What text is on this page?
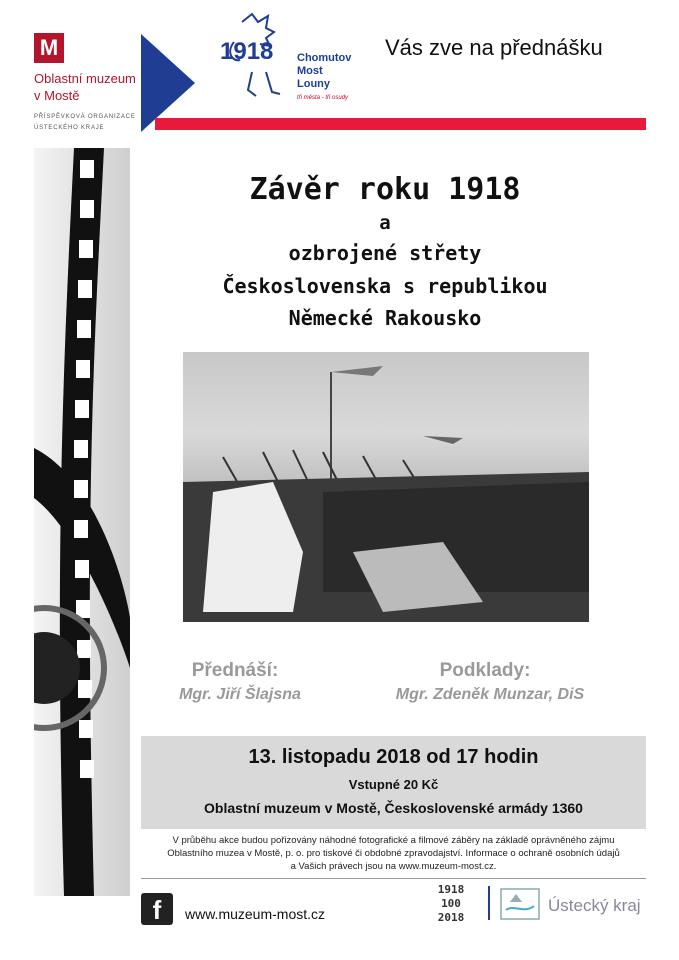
M
Oblastní muzeum
v Mostě
PŘÍSPĚVKOVÁ ORGANIZACE
ÚSTECKÉHO KRAJE
1918 Chomutov
Most
Louny
tři města - tři osudy
Vás zve na přednášku
Závěr roku 1918
a
ozbrojené střety
Československa s republikou
Německé Rakousko
Přednáší:
Mgr. Jiří Šlajsna
Podklady:
Mgr. Zdeněk Munzar, DiS
13. listopadu 2018 od 17 hodin
Vstupné 20 Kč
Oblastní muzeum v Mostě, Československé armády 1360
V průběhu akce budou pořizovány náhodné fotografické a filmové záběry na základě oprávněného zájmu
Oblastního muzea v Mostě, p. o. pro tiskové či obdobné zpravodajství. Informace o ochraně osobních údajů
a Vašich právech jsou na www.muzeum-most.cz.
f	www.muzeum-most.cz
1918
100
2018
Ústecký kraj
